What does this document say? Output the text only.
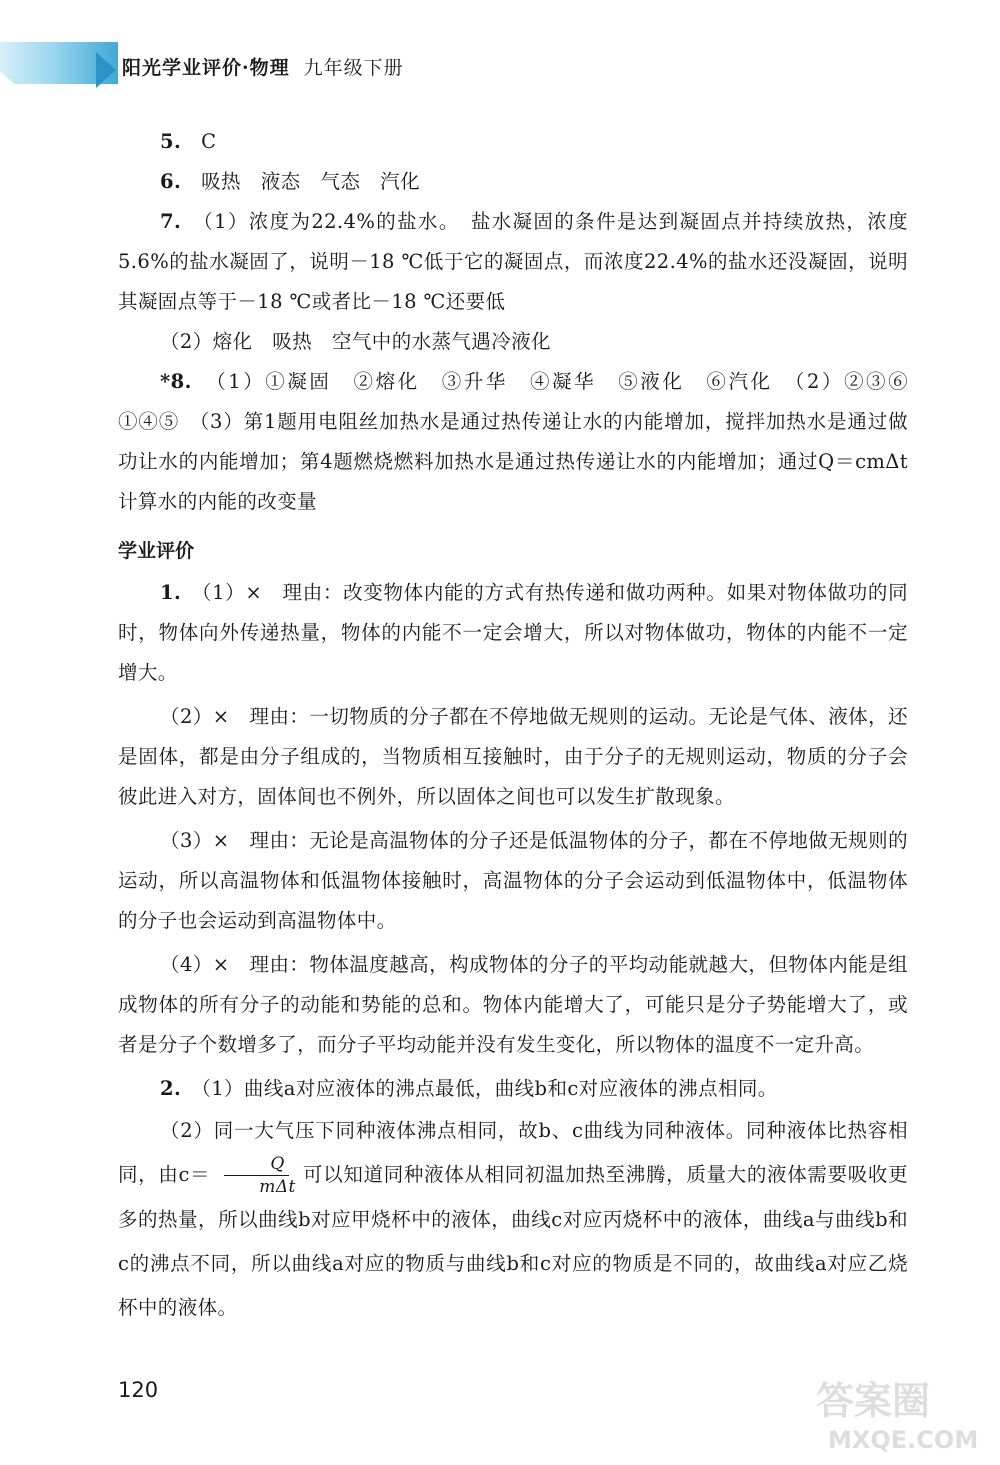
阳光学业评价·物理 九年级下册

5.　 C

6.　 吸热　液态　气态　汽化

7.　 （1）浓度为22.4%的盐水。　盐水凝固的条件是达到凝固点并持续放热，浓度5.6%的盐水凝固了，说明－18 ℃低于它的凝固点，而浓度22.4%的盐水还没凝固，说明其凝固点等于－18 ℃或者比－18 ℃还要低

（2）熔化　吸热　空气中的水蒸气遇冷液化

*8.　 （1）①凝固　②熔化　③升华　④凝华　⑤液化　⑥汽化　（2）②③⑥　①④⑤　（3）第1题用电阻丝加热水是通过热传递让水的内能增加，搅拌加热水是通过做功让水的内能增加；第4题燃烧燃料加热水是通过热传递让水的内能增加；通过Q＝cmΔt计算水的内能的改变量

学业评价

1.　 （1）×　理由：改变物体内能的方式有热传递和做功两种。如果对物体做功的同时，物体向外传递热量，物体的内能不一定会增大，所以对物体做功，物体的内能不一定增大。

（2）×　理由：一切物质的分子都在不停地做无规则的运动。无论是气体、液体，还是固体，都是由分子组成的，当物质相互接触时，由于分子的无规则运动，物质的分子会彼此进入对方，固体间也不例外，所以固体之间也可以发生扩散现象。

（3）×　理由：无论是高温物体的分子还是低温物体的分子，都在不停地做无规则的运动，所以高温物体和低温物体接触时，高温物体的分子会运动到低温物体中，低温物体的分子也会运动到高温物体中。

（4）×　理由：物体温度越高，构成物体的分子的平均动能就越大，但物体内能是组成物体的所有分子的动能和势能的总和。物体内能增大了，可能只是分子势能增大了，或者是分子个数增多了，而分子平均动能并没有发生变化，所以物体的温度不一定升高。

2.　 （1）曲线a对应液体的沸点最低，曲线b和c对应液体的沸点相同。

（2）同一大气压下同种液体沸点相同，故b、c曲线为同种液体。同种液体比热容相同，由$c= \frac{Q}{\text{mΔt}}$ 可以知道同种液体从相同初温加热至沸腾，质量大的液体需要吸收更多的热量，所以曲线b对应甲烧杯中的液体，曲线c对应丙烧杯中的液体，曲线a与曲线b和c的沸点不同，所以曲线a对应的物质与曲线b和c对应的物质是不同的，故曲线a对应乙烧杯中的液体。

120	答案圈
MXQE.COM
